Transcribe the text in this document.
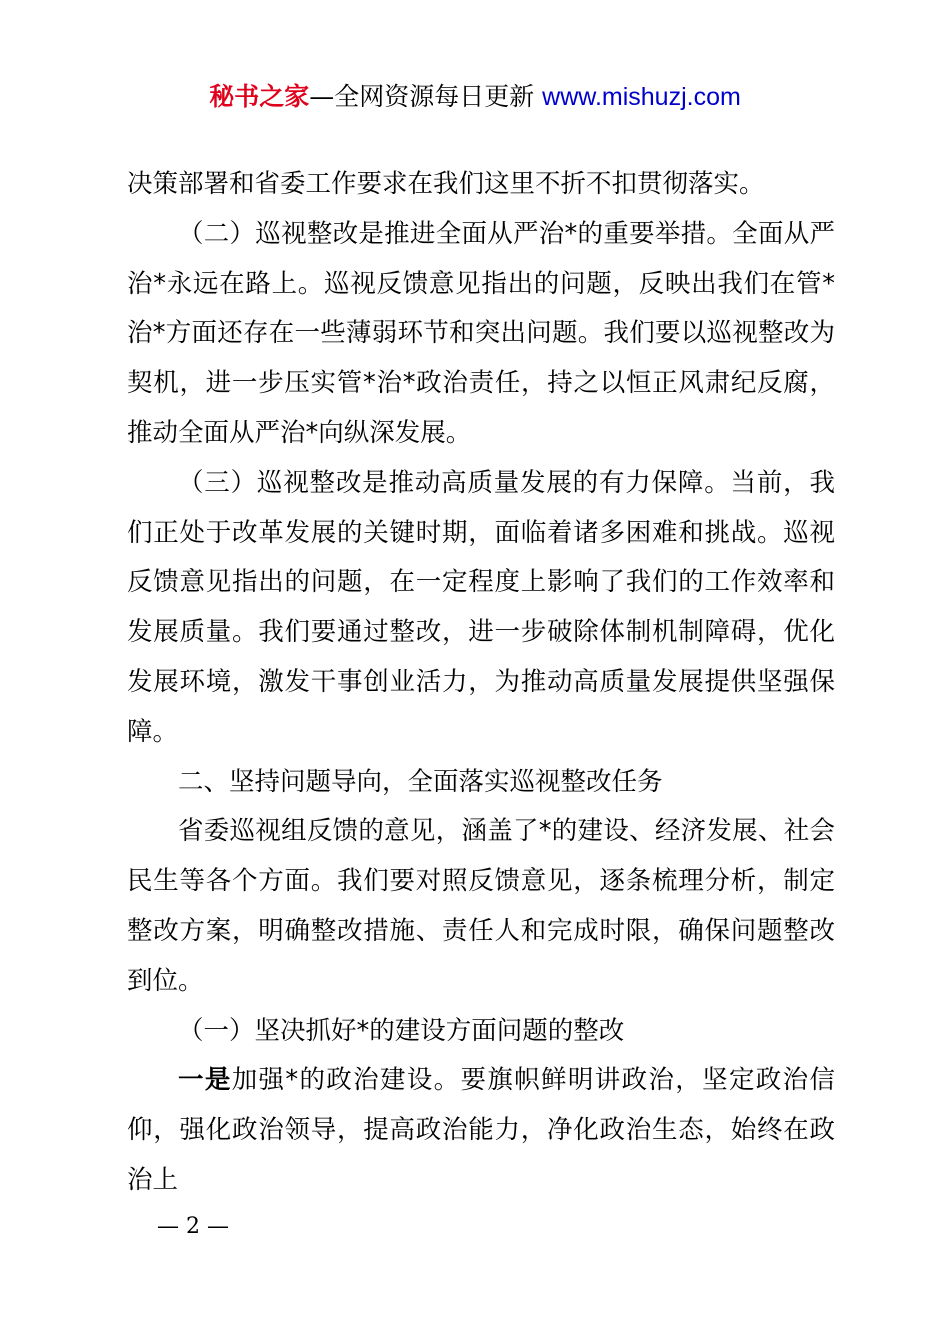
秘书之家—全网资源每日更新 www.mishuzj.com

决策部署和省委工作要求在我们这里不折不扣贯彻落实。

（二）巡视整改是推进全面从严治*的重要举措。全面从严治*永远在路上。巡视反馈意见指出的问题，反映出我们在管*治*方面还存在一些薄弱环节和突出问题。我们要以巡视整改为契机，进一步压实管*治*政治责任，持之以恒正风肃纪反腐，推动全面从严治*向纵深发展。

（三）巡视整改是推动高质量发展的有力保障。当前，我们正处于改革发展的关键时期，面临着诸多困难和挑战。巡视反馈意见指出的问题，在一定程度上影响了我们的工作效率和发展质量。我们要通过整改，进一步破除体制机制障碍，优化发展环境，激发干事创业活力，为推动高质量发展提供坚强保障。

二、坚持问题导向，全面落实巡视整改任务

省委巡视组反馈的意见，涵盖了*的建设、经济发展、社会民生等各个方面。我们要对照反馈意见，逐条梳理分析，制定整改方案，明确整改措施、责任人和完成时限，确保问题整改到位。

（一）坚决抓好*的建设方面问题的整改

一是加强*的政治建设。要旗帜鲜明讲政治，坚定政治信仰，强化政治领导，提高政治能力，净化政治生态，始终在政治上

— 2 —
